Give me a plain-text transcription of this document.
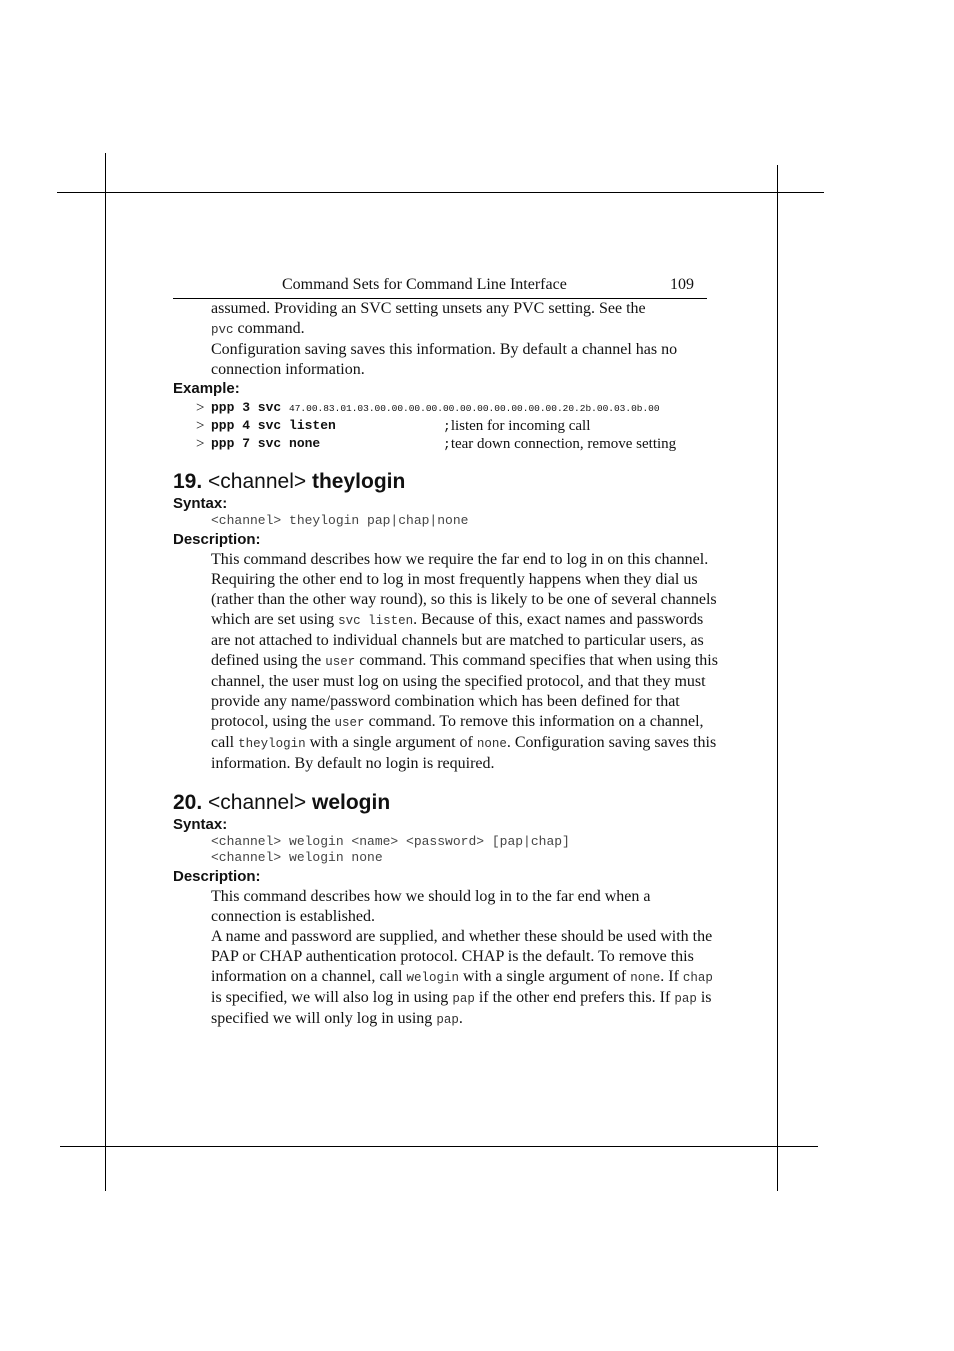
Command Sets for Command Line Interface	109
assumed. Providing an SVC setting unsets any PVC setting. See the
pvc command.
Configuration saving saves this information. By default a channel has no connection information.
Example:
> ppp 3 svc 47.00.83.01.03.00.00.00.00.00.00.00.00.00.00.00.20.2b.00.03.0b.00
> ppp 4 svc listen	;listen for incoming call
> ppp 7 svc none	;tear down connection, remove setting
19. <channel> theylogin
Syntax:
<channel> theylogin pap|chap|none
Description:
This command describes how we require the far end to log in on this channel. Requiring the other end to log in most frequently happens when they dial us (rather than the other way round), so this is likely to be one of several channels which are set using svc listen. Because of this, exact names and passwords are not attached to individual channels but are matched to particular users, as defined using the user command. This command specifies that when using this channel, the user must log on using the specified protocol, and that they must provide any name/password combination which has been defined for that protocol, using the user command. To remove this information on a channel, call theylogin with a single argument of none. Configuration saving saves this information. By default no login is required.
20. <channel> welogin
Syntax:
<channel> welogin <name> <password> [pap|chap]
<channel> welogin none
Description:
This command describes how we should log in to the far end when a connection is established.
A name and password are supplied, and whether these should be used with the PAP or CHAP authentication protocol. CHAP is the default. To remove this information on a channel, call welogin with a single argument of none. If chap is specified, we will also log in using pap if the other end prefers this. If pap is specified we will only log in using pap.
